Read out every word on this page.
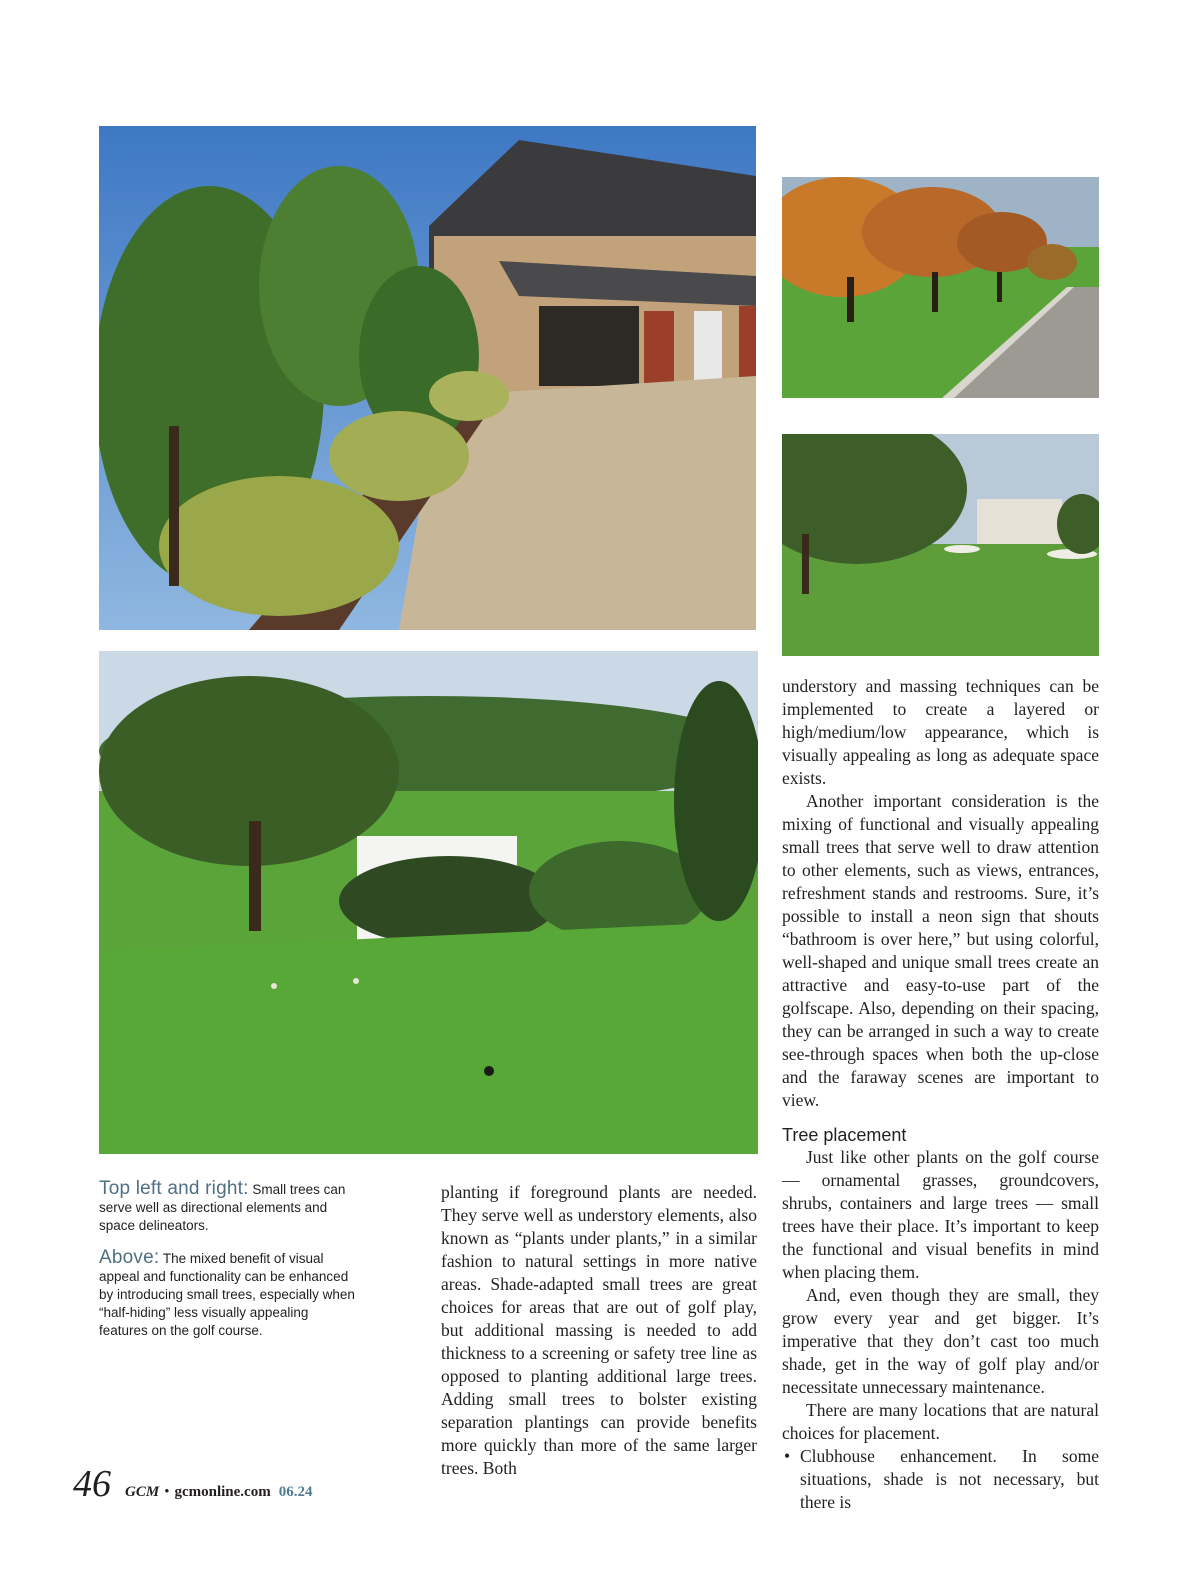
Top left and right: Small trees can serve well as directional elements and space delineators.

Above: The mixed benefit of visual appeal and functionality can be enhanced by introducing small trees, especially when “half-hiding” less visually appealing features on the golf course.

planting if foreground plants are needed. They serve well as understory elements, also known as “plants under plants,” in a similar fashion to natural settings in more native areas. Shade-adapted small trees are great choices for areas that are out of golf play, but additional massing is needed to add thickness to a screening or safety tree line as opposed to planting additional large trees. Adding small trees to bolster existing separation plantings can provide benefits more quickly than more of the same larger trees. Both

understory and massing techniques can be implemented to create a layered or high/medium/low appearance, which is visually appealing as long as adequate space exists.

Another important consideration is the mixing of functional and visually appealing small trees that serve well to draw attention to other elements, such as views, entrances, refreshment stands and restrooms. Sure, it’s possible to install a neon sign that shouts “bathroom is over here,” but using colorful, well-shaped and unique small trees create an attractive and easy-to-use part of the golfscape. Also, depending on their spacing, they can be arranged in such a way to create see-through spaces when both the up-close and the faraway scenes are important to view.

Tree placement

Just like other plants on the golf course — ornamental grasses, groundcovers, shrubs, containers and large trees — small trees have their place. It’s important to keep the functional and visual benefits in mind when placing them.

And, even though they are small, they grow every year and get bigger. It’s imperative that they don’t cast too much shade, get in the way of golf play and/or necessitate unnecessary maintenance.

There are many locations that are natural choices for placement.

• Clubhouse enhancement. In some situations, shade is not necessary, but there is
46 GCM • gcmonline.com 06.24
